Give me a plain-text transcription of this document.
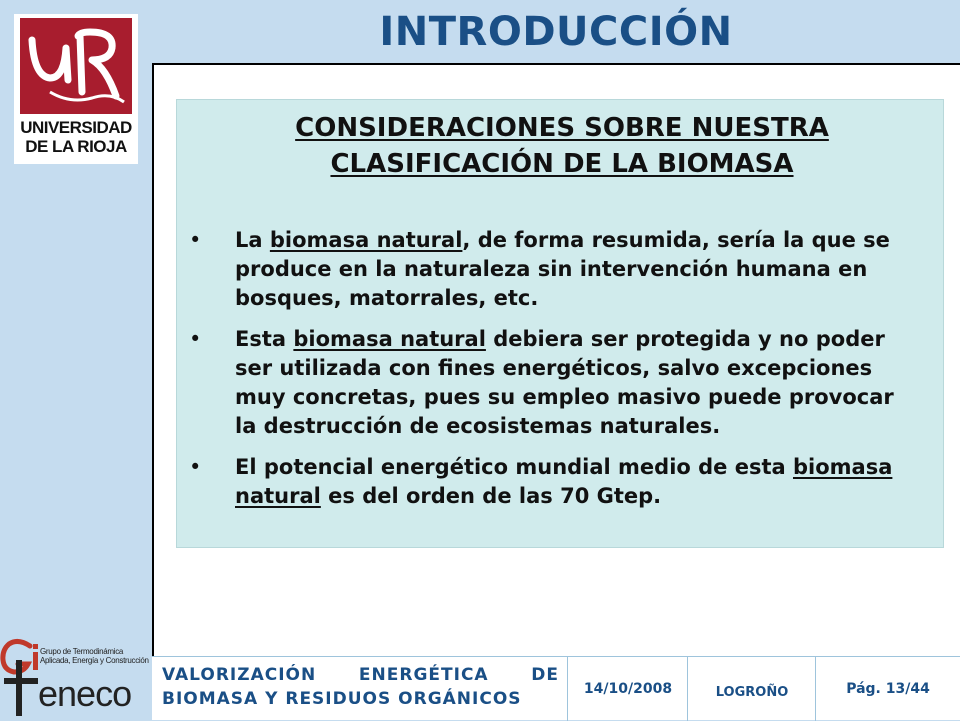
INTRODUCCIÓN
UNIVERSIDAD
DE LA RIOJA
CONSIDERACIONES SOBRE NUESTRA CLASIFICACIÓN DE LA BIOMASA
• La biomasa natural, de forma resumida, sería la que se produce en la naturaleza sin intervención humana en bosques, matorrales, etc.
• Esta biomasa natural debiera ser protegida y no poder ser utilizada con fines energéticos, salvo excepciones muy concretas, pues su empleo masivo puede provocar la destrucción de ecosistemas naturales.
• El potencial energético mundial medio de esta biomasa natural es del orden de las 70 Gtep.
Grupo de Termodinámica
Aplicada, Energía y Construcción
eneco VALORIZACIÓN ENERGÉTICA DE
BIOMASA Y RESIDUOS ORGÁNICOS	14/10/2008	LOGROÑO	Pág. 13/44
